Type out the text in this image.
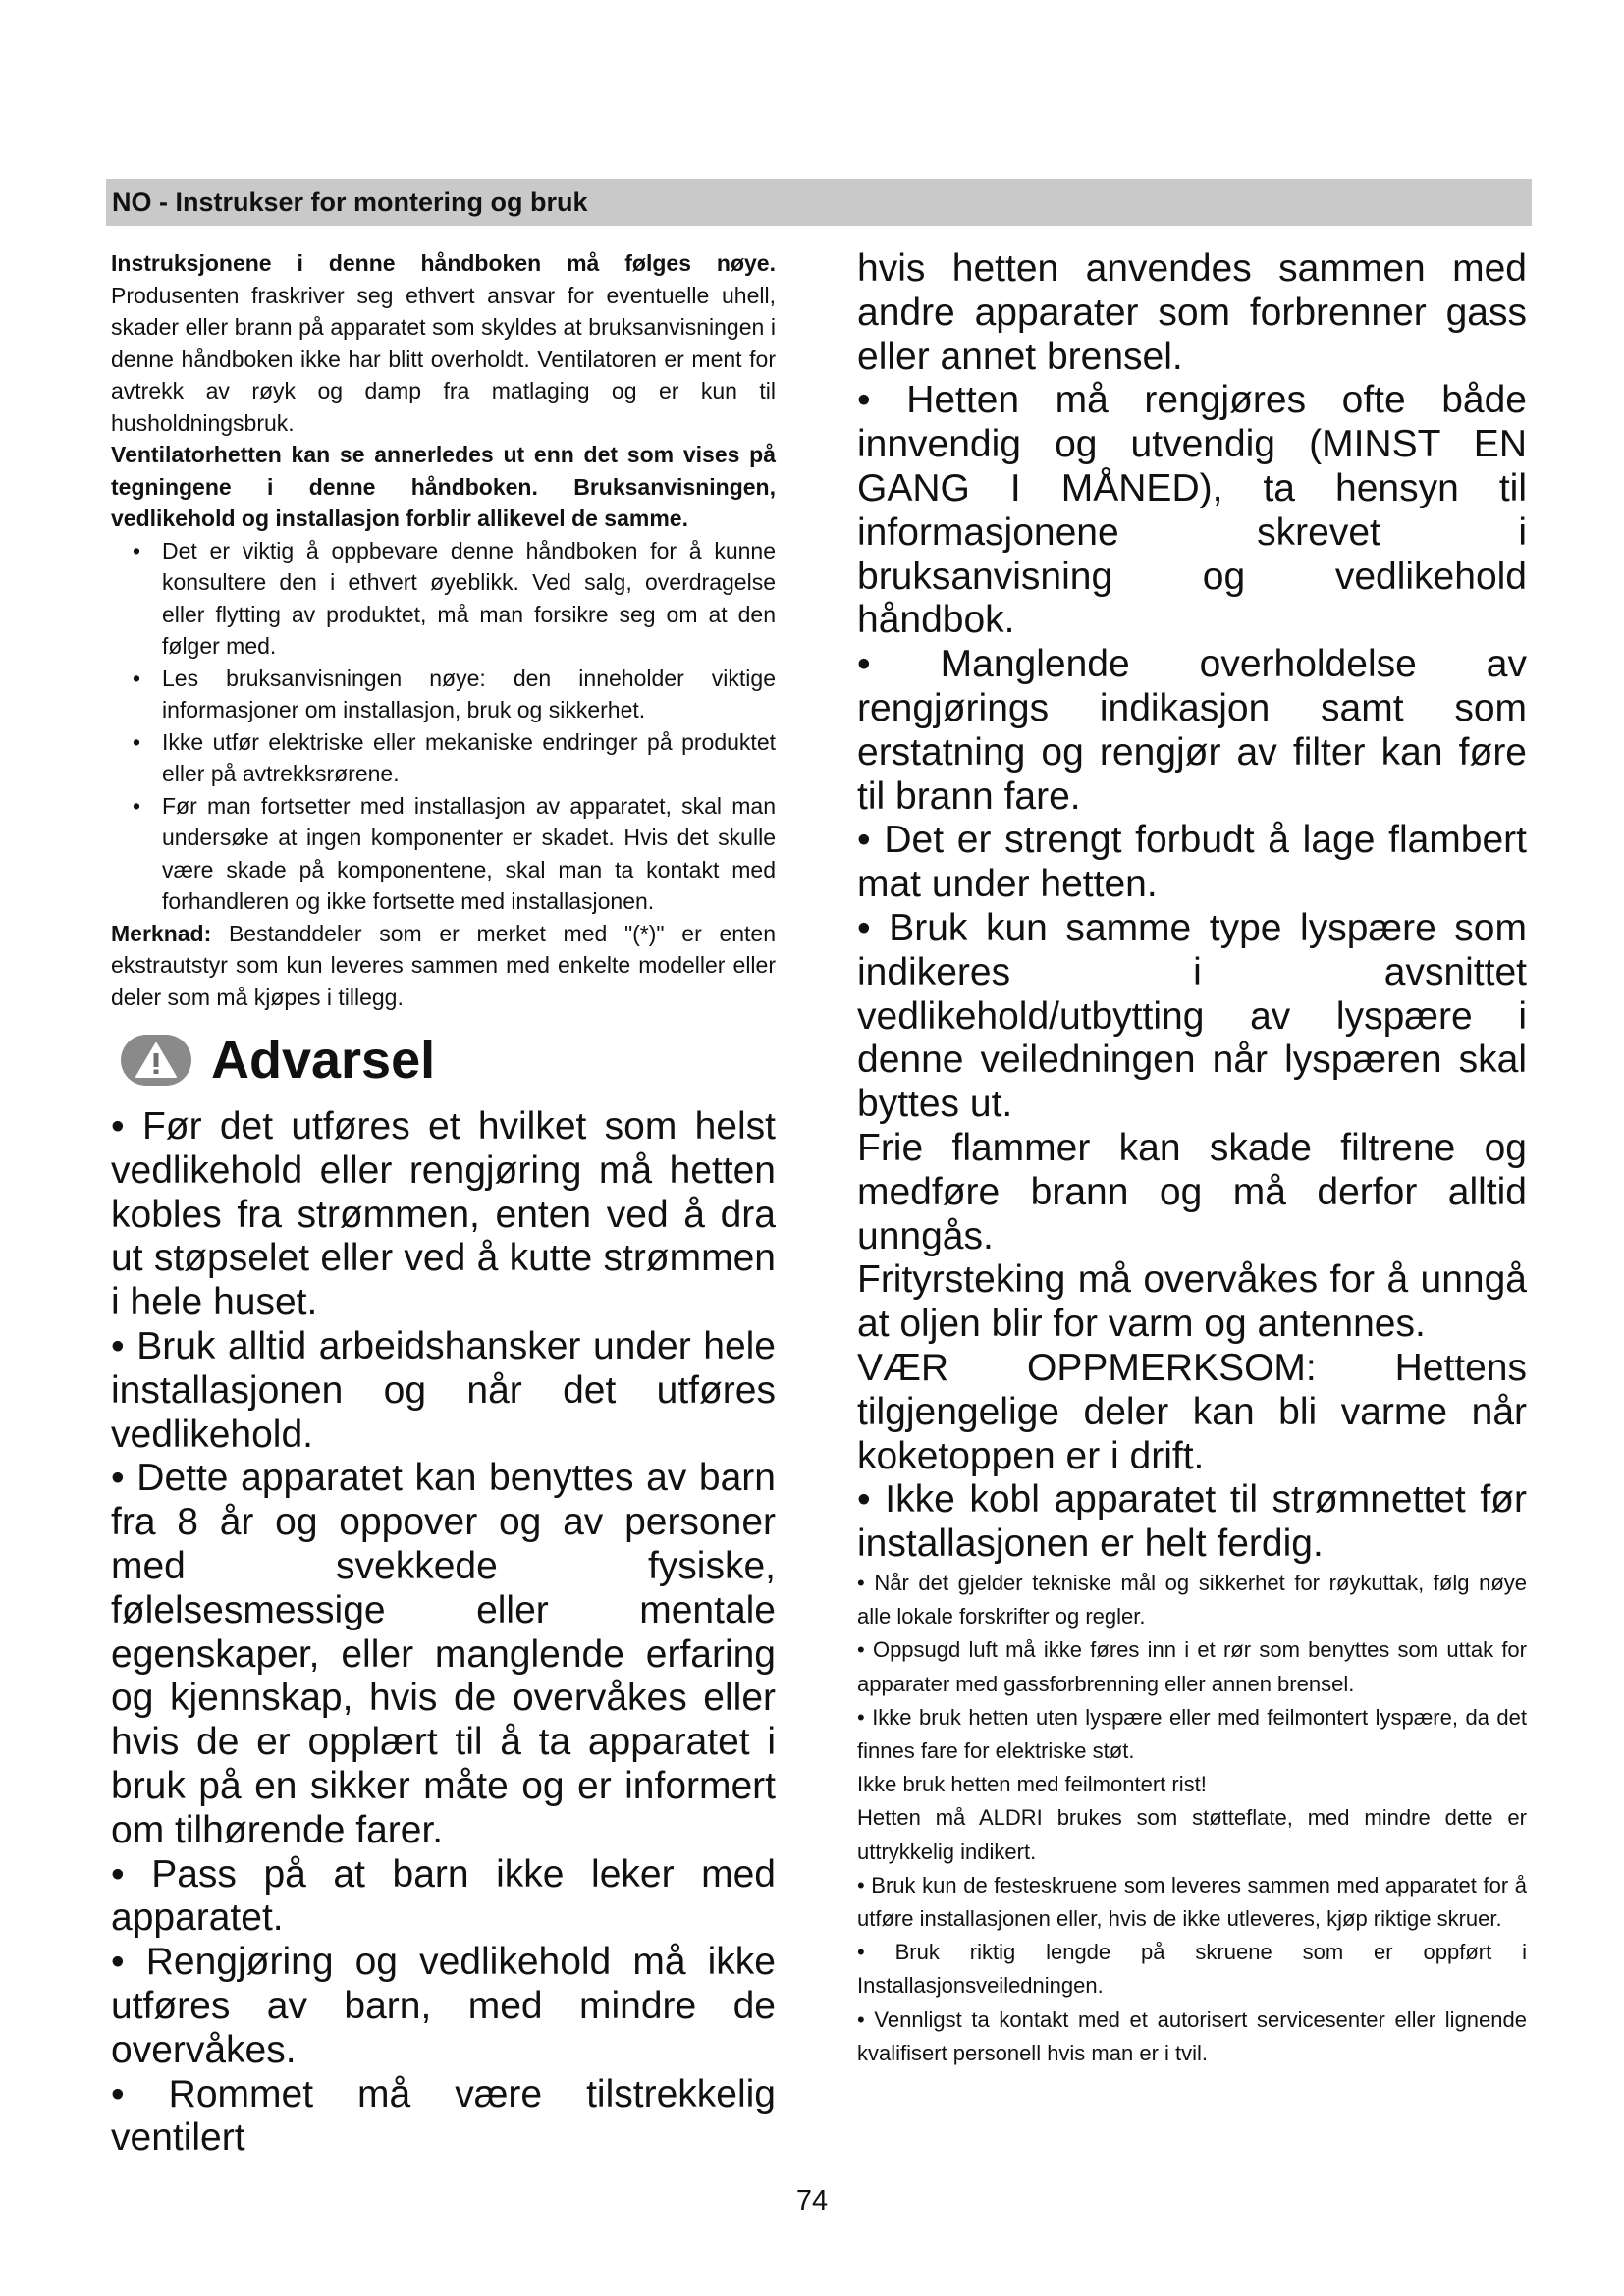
NO - Instrukser for montering og bruk

Instruksjonene i denne håndboken må følges nøye. Produsenten fraskriver seg ethvert ansvar for eventuelle uhell, skader eller brann på apparatet som skyldes at bruksanvisningen i denne håndboken ikke har blitt overholdt. Ventilatoren er ment for avtrekk av røyk og damp fra matlaging og er kun til husholdningsbruk.

Ventilatorhetten kan se annerledes ut enn det som vises på tegningene i denne håndboken. Bruksanvisningen, vedlikehold og installasjon forblir allikevel de samme.

• Det er viktig å oppbevare denne håndboken for å kunne konsultere den i ethvert øyeblikk. Ved salg, overdragelse eller flytting av produktet, må man forsikre seg om at den følger med.

• Les bruksanvisningen nøye: den inneholder viktige informasjoner om installasjon, bruk og sikkerhet.

• Ikke utfør elektriske eller mekaniske endringer på produktet eller på avtrekksrørene.

• Før man fortsetter med installasjon av apparatet, skal man undersøke at ingen komponenter er skadet. Hvis det skulle være skade på komponentene, skal man ta kontakt med forhandleren og ikke fortsette med installasjonen.

Merknad: Bestanddeler som er merket med "(*)" er enten ekstrautstyr som kun leveres sammen med enkelte modeller eller deler som må kjøpes i tillegg.

Advarsel

• Før det utføres et hvilket som helst vedlikehold eller rengjøring må hetten kobles fra strømmen, enten ved å dra ut støpselet eller ved å kutte strømmen i hele huset.

• Bruk alltid arbeidshansker under hele installasjonen og når det utføres vedlikehold.

• Dette apparatet kan benyttes av barn fra 8 år og oppover og av personer med svekkede fysiske, følelsesmessige eller mentale egenskaper, eller manglende erfaring og kjennskap, hvis de overvåkes eller hvis de er opplært til å ta apparatet i bruk på en sikker måte og er informert om tilhørende farer.

• Pass på at barn ikke leker med apparatet.

• Rengjøring og vedlikehold må ikke utføres av barn, med mindre de overvåkes.

• Rommet må være tilstrekkelig ventilert

hvis hetten anvendes sammen med andre apparater som forbrenner gass eller annet brensel.

• Hetten må rengjøres ofte både innvendig og utvendig (MINST EN GANG I MÅNED), ta hensyn til informasjonene skrevet i bruksanvisning og vedlikehold håndbok.

• Manglende overholdelse av rengjørings indikasjon samt som erstatning og rengjør av filter kan føre til brann fare.

• Det er strengt forbudt å lage flambert mat under hetten.

• Bruk kun samme type lyspære som indikeres i avsnittet vedlikehold/utbytting av lyspære i denne veiledningen når lyspæren skal byttes ut.

Frie flammer kan skade filtrene og medføre brann og må derfor alltid unngås.

Frityrsteking må overvåkes for å unngå at oljen blir for varm og antennes.

VÆR OPPMERKSOM: Hettens tilgjengelige deler kan bli varme når koketoppen er i drift.

• Ikke kobl apparatet til strømnettet før installasjonen er helt ferdig.

• Når det gjelder tekniske mål og sikkerhet for røykuttak, følg nøye alle lokale forskrifter og regler.

• Oppsugd luft må ikke føres inn i et rør som benyttes som uttak for apparater med gassforbrenning eller annen brensel.

• Ikke bruk hetten uten lyspære eller med feilmontert lyspære, da det finnes fare for elektriske støt.

Ikke bruk hetten med feilmontert rist!

Hetten må ALDRI brukes som støtteflate, med mindre dette er uttrykkelig indikert.

• Bruk kun de festeskruene som leveres sammen med apparatet for å utføre installasjonen eller, hvis de ikke utleveres, kjøp riktige skruer.

• Bruk riktig lengde på skruene som er oppført i Installasjonsveiledningen.

• Vennligst ta kontakt med et autorisert servicesenter eller lignende kvalifisert personell hvis man er i tvil.

74
